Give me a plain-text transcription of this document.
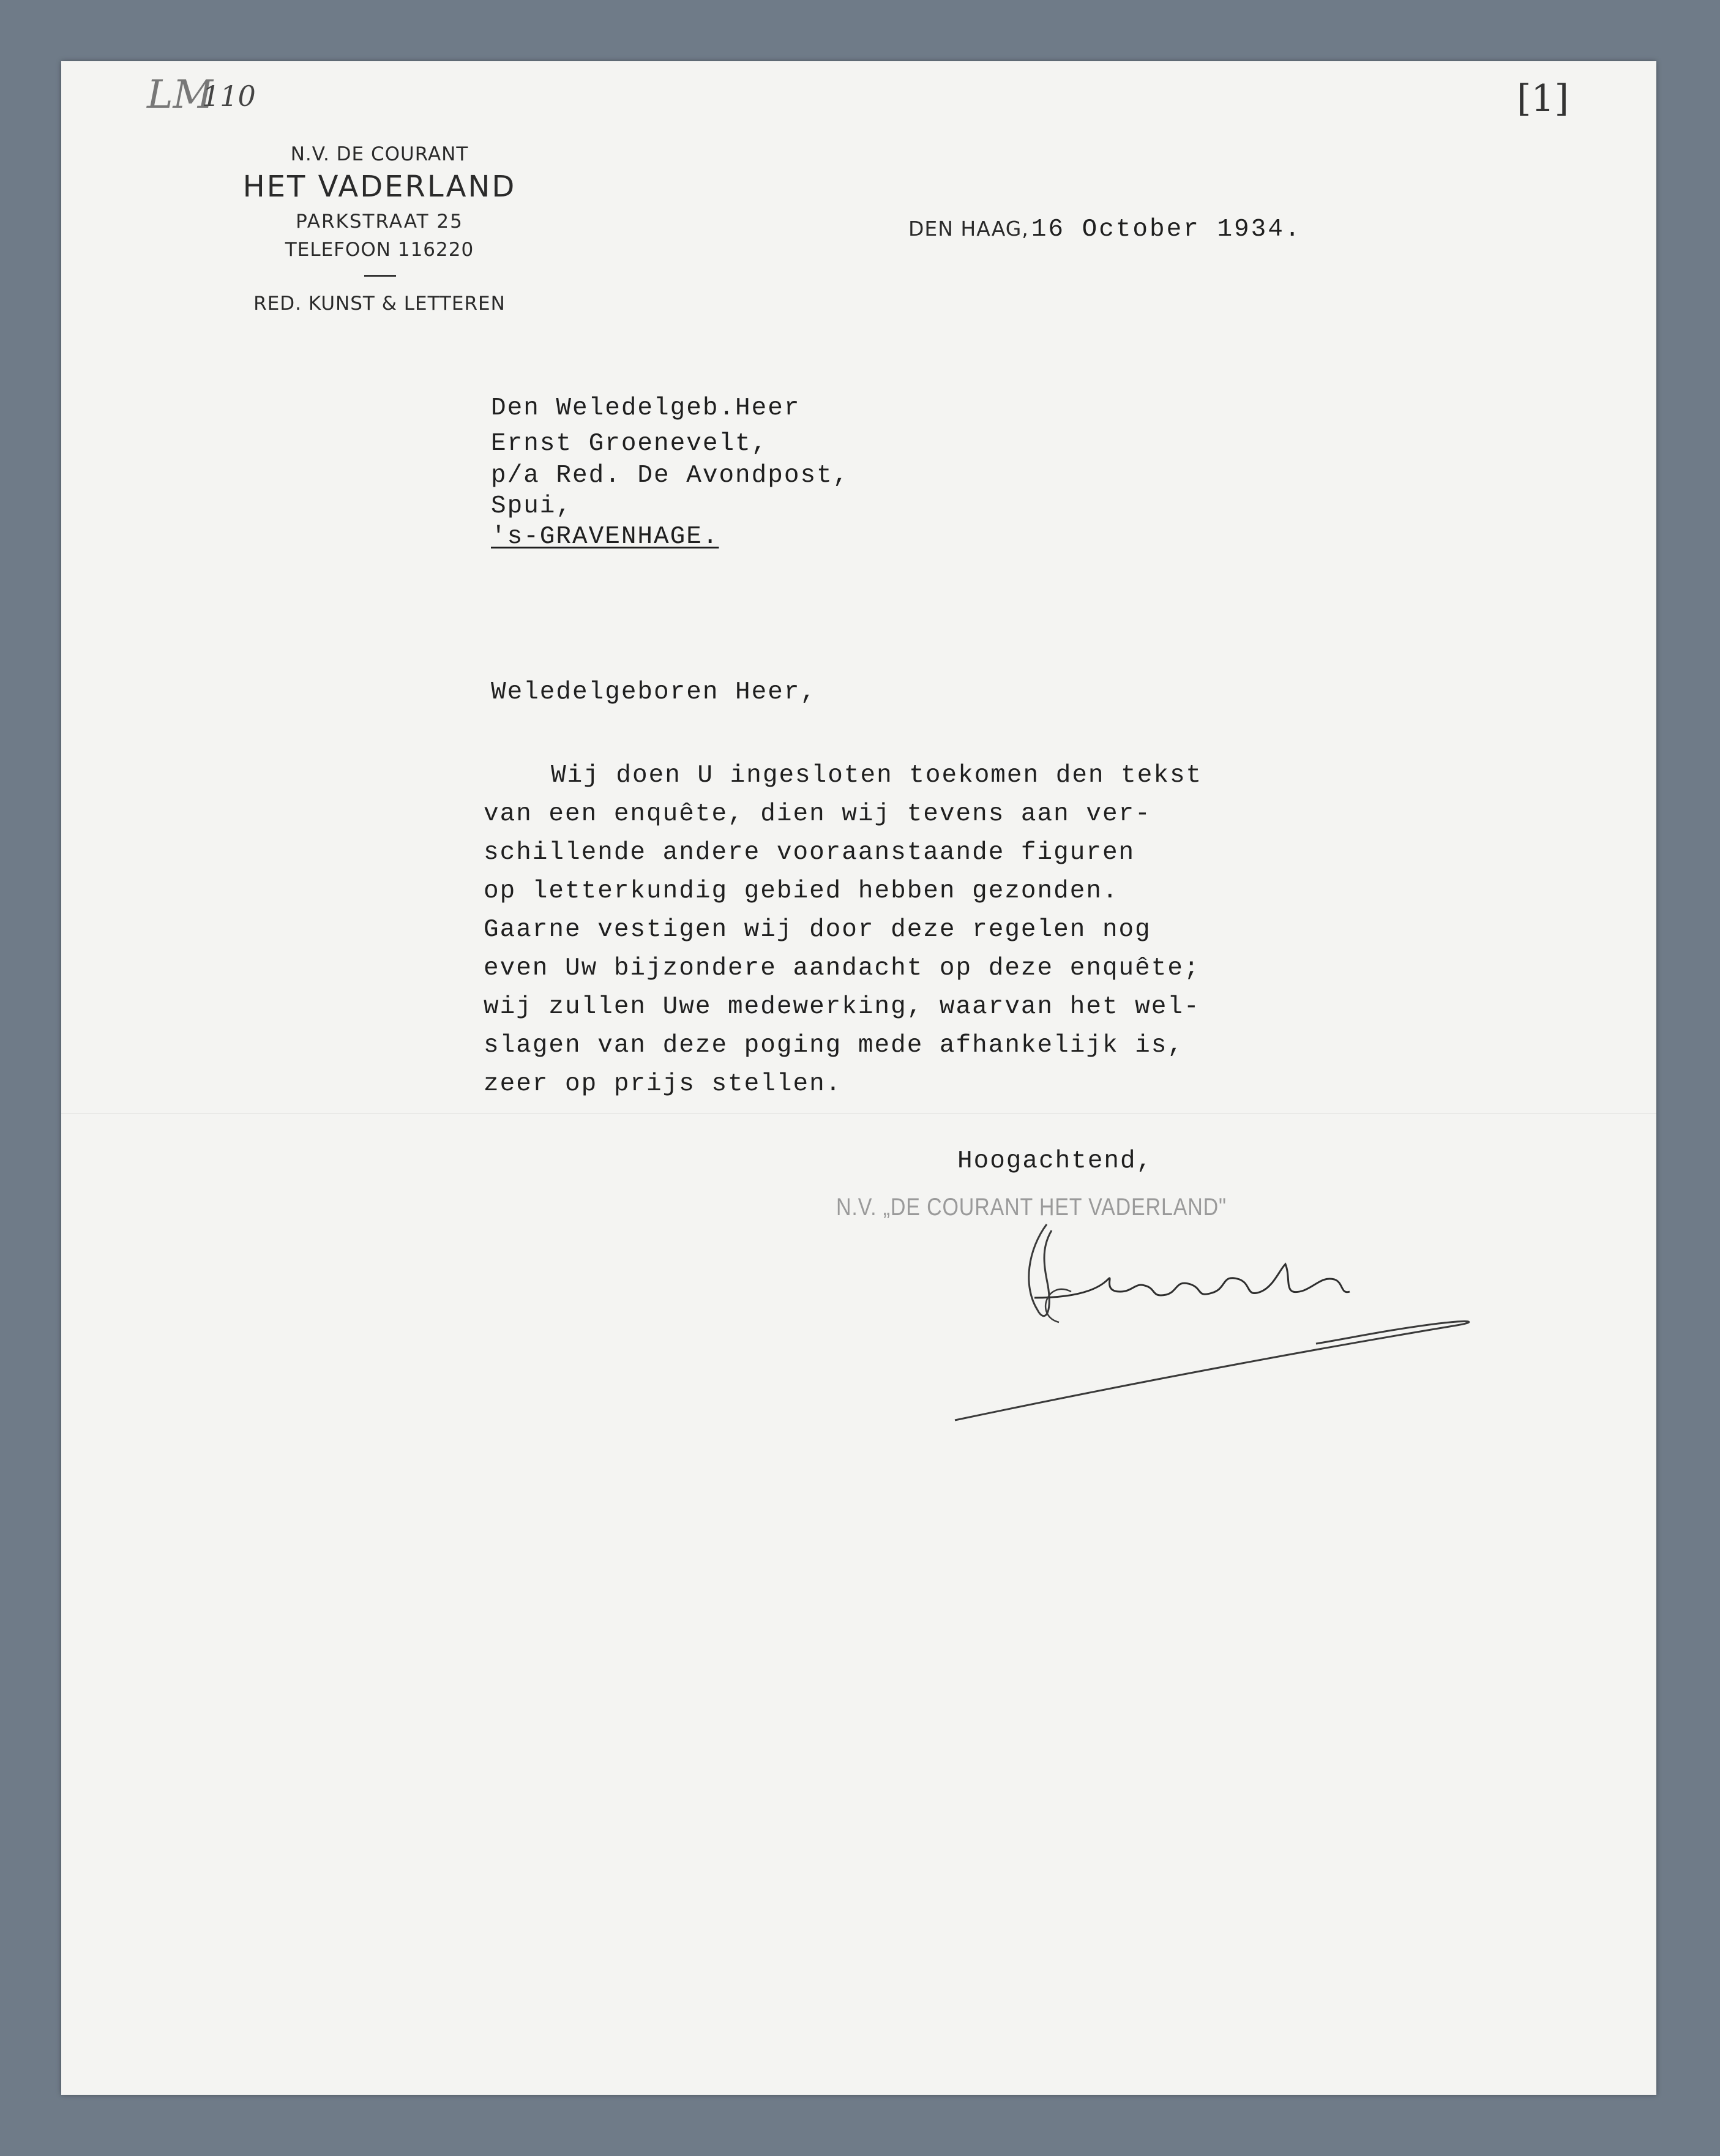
LM
110	[1]
N.V. DE COURANT
HET VADERLAND
PARKSTRAAT 25
TELEFOON 116220
RED. KUNST & LETTEREN
DEN HAAG, 16 October 1934.
Den Weledelgeb.Heer
Ernst Groenevelt,
p/a Red. De Avondpost,
Spui,
's-GRAVENHAGE.
Weledelgeboren Heer,
Wij doen U ingesloten toekomen den tekst
van een enquête, dien wij tevens aan ver-
schillende andere vooraanstaande figuren
op letterkundig gebied hebben gezonden.
Gaarne vestigen wij door deze regelen nog
even Uw bijzondere aandacht op deze enquête;
wij zullen Uwe medewerking, waarvan het wel-
slagen van deze poging mede afhankelijk is,
zeer op prijs stellen.
Hoogachtend,
N.V. „DE COURANT HET VADERLAND"
